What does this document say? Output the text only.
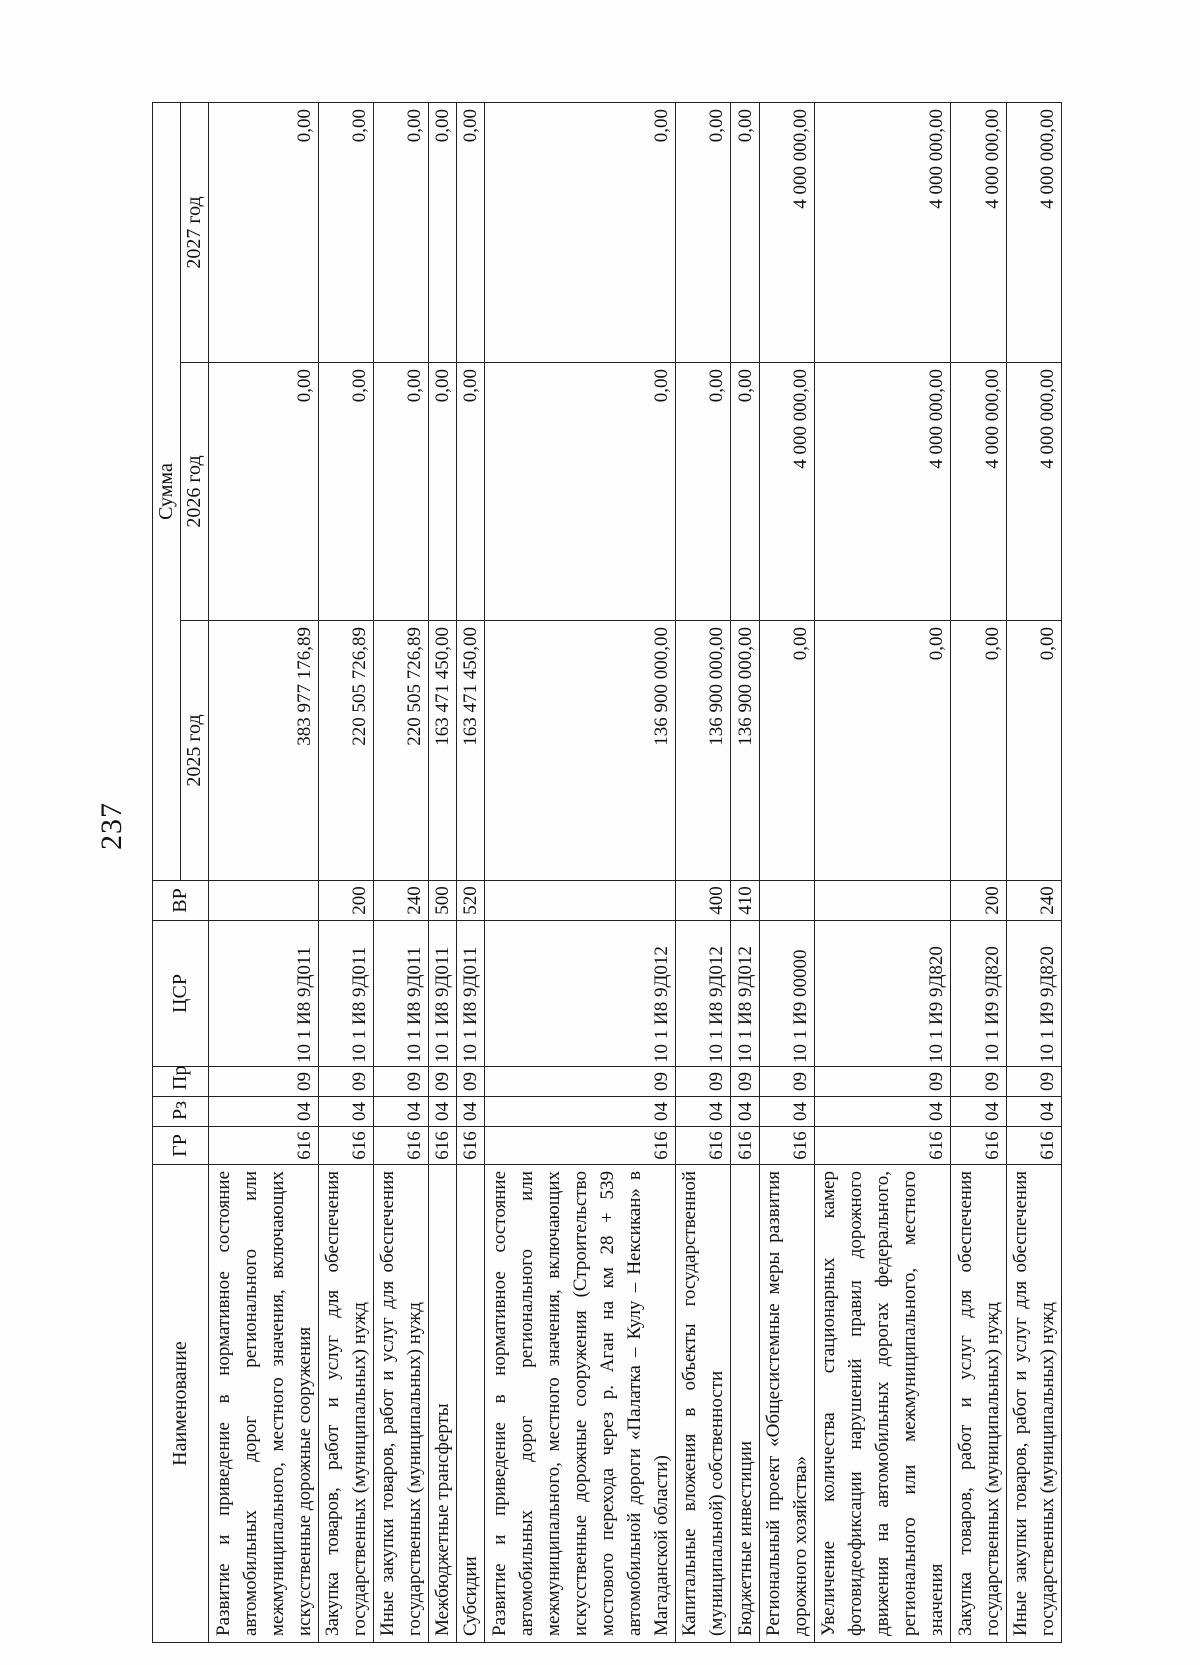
237
Наименование	ГР	Рз	Пр	ЦСР	ВР	Сумма		
						2025 год	2026 год	2027 год
Развитие и приведение в нормативное состояние автомобильных дорог регионального или межмуниципального, местного значения, включающих искусственные дорожные сооружения	616	04	09	10 1 И8 9Д011		383 977 176,89	0,00	0,00
Закупка товаров, работ и услуг для обеспечения государственных (муниципальных) нужд	616	04	09	10 1 И8 9Д011	200	220 505 726,89	0,00	0,00
Иные закупки товаров, работ и услуг для обеспечения государственных (муниципальных) нужд	616	04	09	10 1 И8 9Д011	240	220 505 726,89	0,00	0,00
Межбюджетные трансферты	616	04	09	10 1 И8 9Д011	500	163 471 450,00	0,00	0,00
Субсидии	616	04	09	10 1 И8 9Д011	520	163 471 450,00	0,00	0,00
Развитие и приведение в нормативное состояние автомобильных дорог регионального или межмуниципального, местного значения, включающих искусственные дорожные сооружения (Строительство мостового перехода через р. Аган на км 28 + 539 автомобильной дороги «Палатка – Кулу – Нексикан» в Магаданской области)	616	04	09	10 1 И8 9Д012		136 900 000,00	0,00	0,00
Капитальные вложения в объекты государственной (муниципальной) собственности	616	04	09	10 1 И8 9Д012	400	136 900 000,00	0,00	0,00
Бюджетные инвестиции	616	04	09	10 1 И8 9Д012	410	136 900 000,00	0,00	0,00
Региональный проект «Общесистемные меры развития дорожного хозяйства»	616	04	09	10 1 И9 00000		0,00	4 000 000,00	4 000 000,00
Увеличение количества стационарных камер фотовидеофиксации нарушений правил дорожного движения на автомобильных дорогах федерального, регионального или межмуниципального, местного значения	616	04	09	10 1 И9 9Д820		0,00	4 000 000,00	4 000 000,00
Закупка товаров, работ и услуг для обеспечения государственных (муниципальных) нужд	616	04	09	10 1 И9 9Д820	200	0,00	4 000 000,00	4 000 000,00
Иные закупки товаров, работ и услуг для обеспечения государственных (муниципальных) нужд	616	04	09	10 1 И9 9Д820	240	0,00	4 000 000,00	4 000 000,00
